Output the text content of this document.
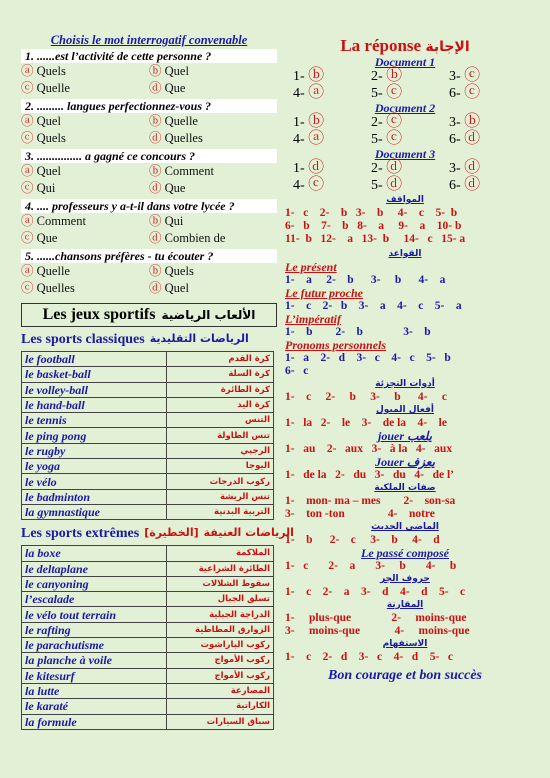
Choisis le mot interrogatif convenable
1. ......est l’activité de cette personne ?
ⓐ Quels	ⓑ Quel
ⓒ Quelle	ⓓ Que
2. ......... langues perfectionnez-vous ?
ⓐ Quel	ⓑ Quelle
ⓒ Quels	ⓓ Quelles
3. ............... a gagné ce concours ?
ⓐ Quel	ⓑ Comment
ⓒ Qui	ⓓ Que
4. .... professeurs y a-t-il dans votre lycée ?
ⓐ Comment	ⓑ Qui
ⓒ Que	ⓓ Combien de
5. ......chansons préfères - tu écouter ?
ⓐ Quelle	ⓑ Quels
ⓒ Quelles	ⓓ Quel
Les jeux sportifs الألعاب الرياضية
Les sports classiques الرياضات التقليدية
le football	كرة القدم
le basket-ball	كرة السلة
le volley-ball	كرة الطائرة
le hand-ball	كرة اليد
le tennis	التنس
le ping pong	تنس الطاولة
le rugby	الرجبي
le yoga	اليوجا
le vélo	ركوب الدرجات
le badminton	تنس الريشة
la gymnastique	التربية البدنية
Les sports extrêmes [الخطيرة] الرياضات العنيفة
la boxe	الملاكمة
le deltaplane	الطائرة الشراعية
le canyoning	سقوط الشلالات
l’escalade	تسلق الجبال
le vélo tout terrain	الدراجة الجبلية
le rafting	الزوارق المطاطية
le parachutisme	ركوب الباراشوت
la planche à voile	ركوب الأمواج
le kitesurf	ركوب الأمواج
la lutte	المصارعة
le karaté	الكاراتية
la formule	سباق السيارات
La réponse الإجابة
Document 1
1- ⓑ	2- ⓑ	3- ⓒ
4- ⓐ	5- ⓒ	6- ⓒ
Document 2
1- ⓑ	2- ⓒ	3- ⓑ
4- ⓐ	5- ⓒ	6- ⓓ
Document 3
1- ⓓ	2- ⓓ	3- ⓓ
4- ⓒ	5- ⓓ	6- ⓓ
المواقف
1-   c    2-    b   3-    b     4-    c    5-  b
6-   b    7-    b   8-    a     9-    a    10- b
11-  b   12-    a   13-  b     14-   c   15- a
القواعد
Le présent
1-    a     2-    b      3-     b      4-    a
Le futur proche
1-    c    2-   b    3-    a    4-    c    5-    a
L’impératif
1-    b        2-    b              3-    b
Pronoms personnels
1-   a    2-   d    3-   c    4-   c    5-   b
6-   c
أدوات التجزئة
1-    c     2-     b     3-     b      4-     c
أفعال الميول
1-   la   2-    le    3-    de la    4-    le
jouer يلعب
1-   au    2-   aux   3-   à la   4-   aux
Jouer يعزف
1-   de la   2-   du   3-   du   4-   de l’
صفات الملكية
1-    mon- ma – mes        2-    son-sa
3-    ton -ton               4-    notre
الماضي الحديث
1-    b      2-    c     3-    b     4-    d
Le passé composé
1-   c       2-    a       3-     b       4-     b
حروف الجر
1-    c    2-    a    3-    d    4-    d    5-    c
المقارنة
1-     plus-que              2-     moins-que
3-     moins-que            4-     moins-que
الاستفهام
1-    c    2-   d    3-   c    4-   d    5-   c
Bon courage et bon succès
